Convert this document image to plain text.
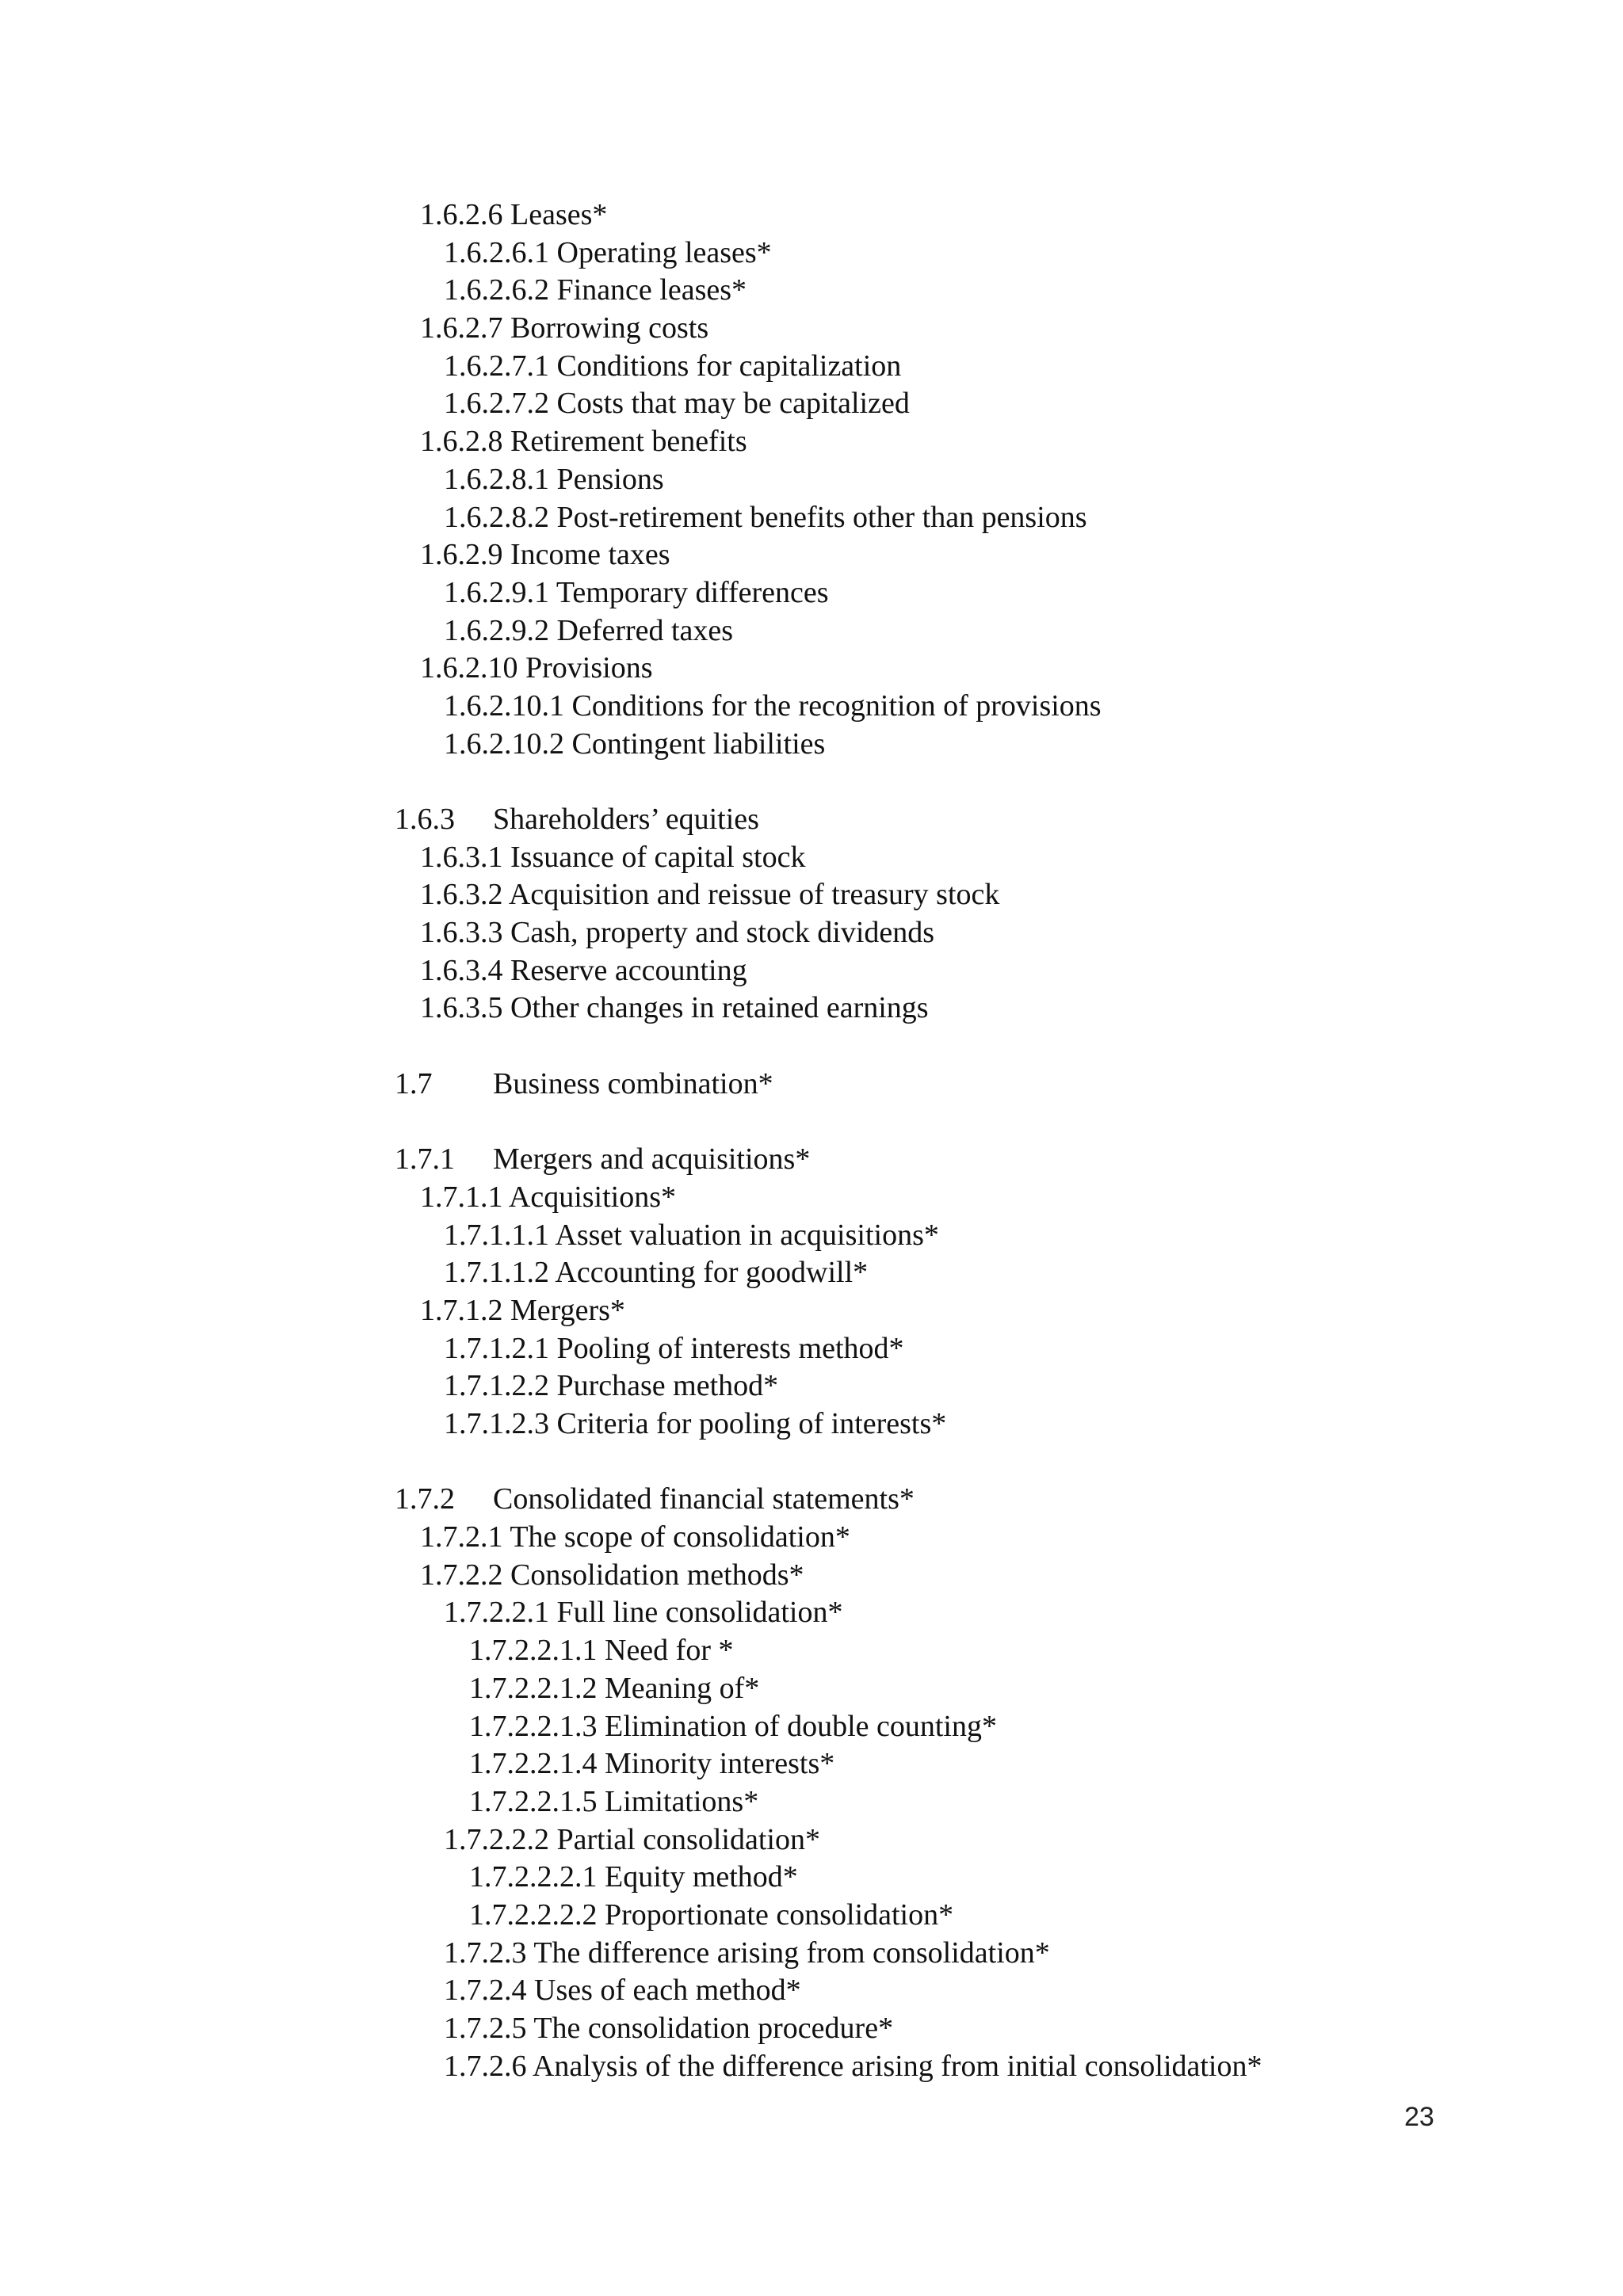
1.6.2.6 Leases*
1.6.2.6.1 Operating leases*
1.6.2.6.2 Finance leases*
1.6.2.7 Borrowing costs
1.6.2.7.1 Conditions for capitalization
1.6.2.7.2 Costs that may be capitalized
1.6.2.8 Retirement benefits
1.6.2.8.1 Pensions
1.6.2.8.2 Post-retirement benefits other than pensions
1.6.2.9 Income taxes
1.6.2.9.1 Temporary differences
1.6.2.9.2 Deferred taxes
1.6.2.10 Provisions
1.6.2.10.1 Conditions for the recognition of provisions
1.6.2.10.2 Contingent liabilities
1.6.3 Shareholders’ equities
1.6.3.1 Issuance of capital stock
1.6.3.2 Acquisition and reissue of treasury stock
1.6.3.3 Cash, property and stock dividends
1.6.3.4 Reserve accounting
1.6.3.5 Other changes in retained earnings
1.7 Business combination*
1.7.1 Mergers and acquisitions*
1.7.1.1 Acquisitions*
1.7.1.1.1 Asset valuation in acquisitions*
1.7.1.1.2 Accounting for goodwill*
1.7.1.2 Mergers*
1.7.1.2.1 Pooling of interests method*
1.7.1.2.2 Purchase method*
1.7.1.2.3 Criteria for pooling of interests*
1.7.2 Consolidated financial statements*
1.7.2.1 The scope of consolidation*
1.7.2.2 Consolidation methods*
1.7.2.2.1 Full line consolidation*
1.7.2.2.1.1 Need for *
1.7.2.2.1.2 Meaning of*
1.7.2.2.1.3 Elimination of double counting*
1.7.2.2.1.4 Minority interests*
1.7.2.2.1.5 Limitations*
1.7.2.2.2 Partial consolidation*
1.7.2.2.2.1 Equity method*
1.7.2.2.2.2 Proportionate consolidation*
1.7.2.3 The difference arising from consolidation*
1.7.2.4 Uses of each method*
1.7.2.5 The consolidation procedure*
1.7.2.6 Analysis of the difference arising from initial consolidation*
23
